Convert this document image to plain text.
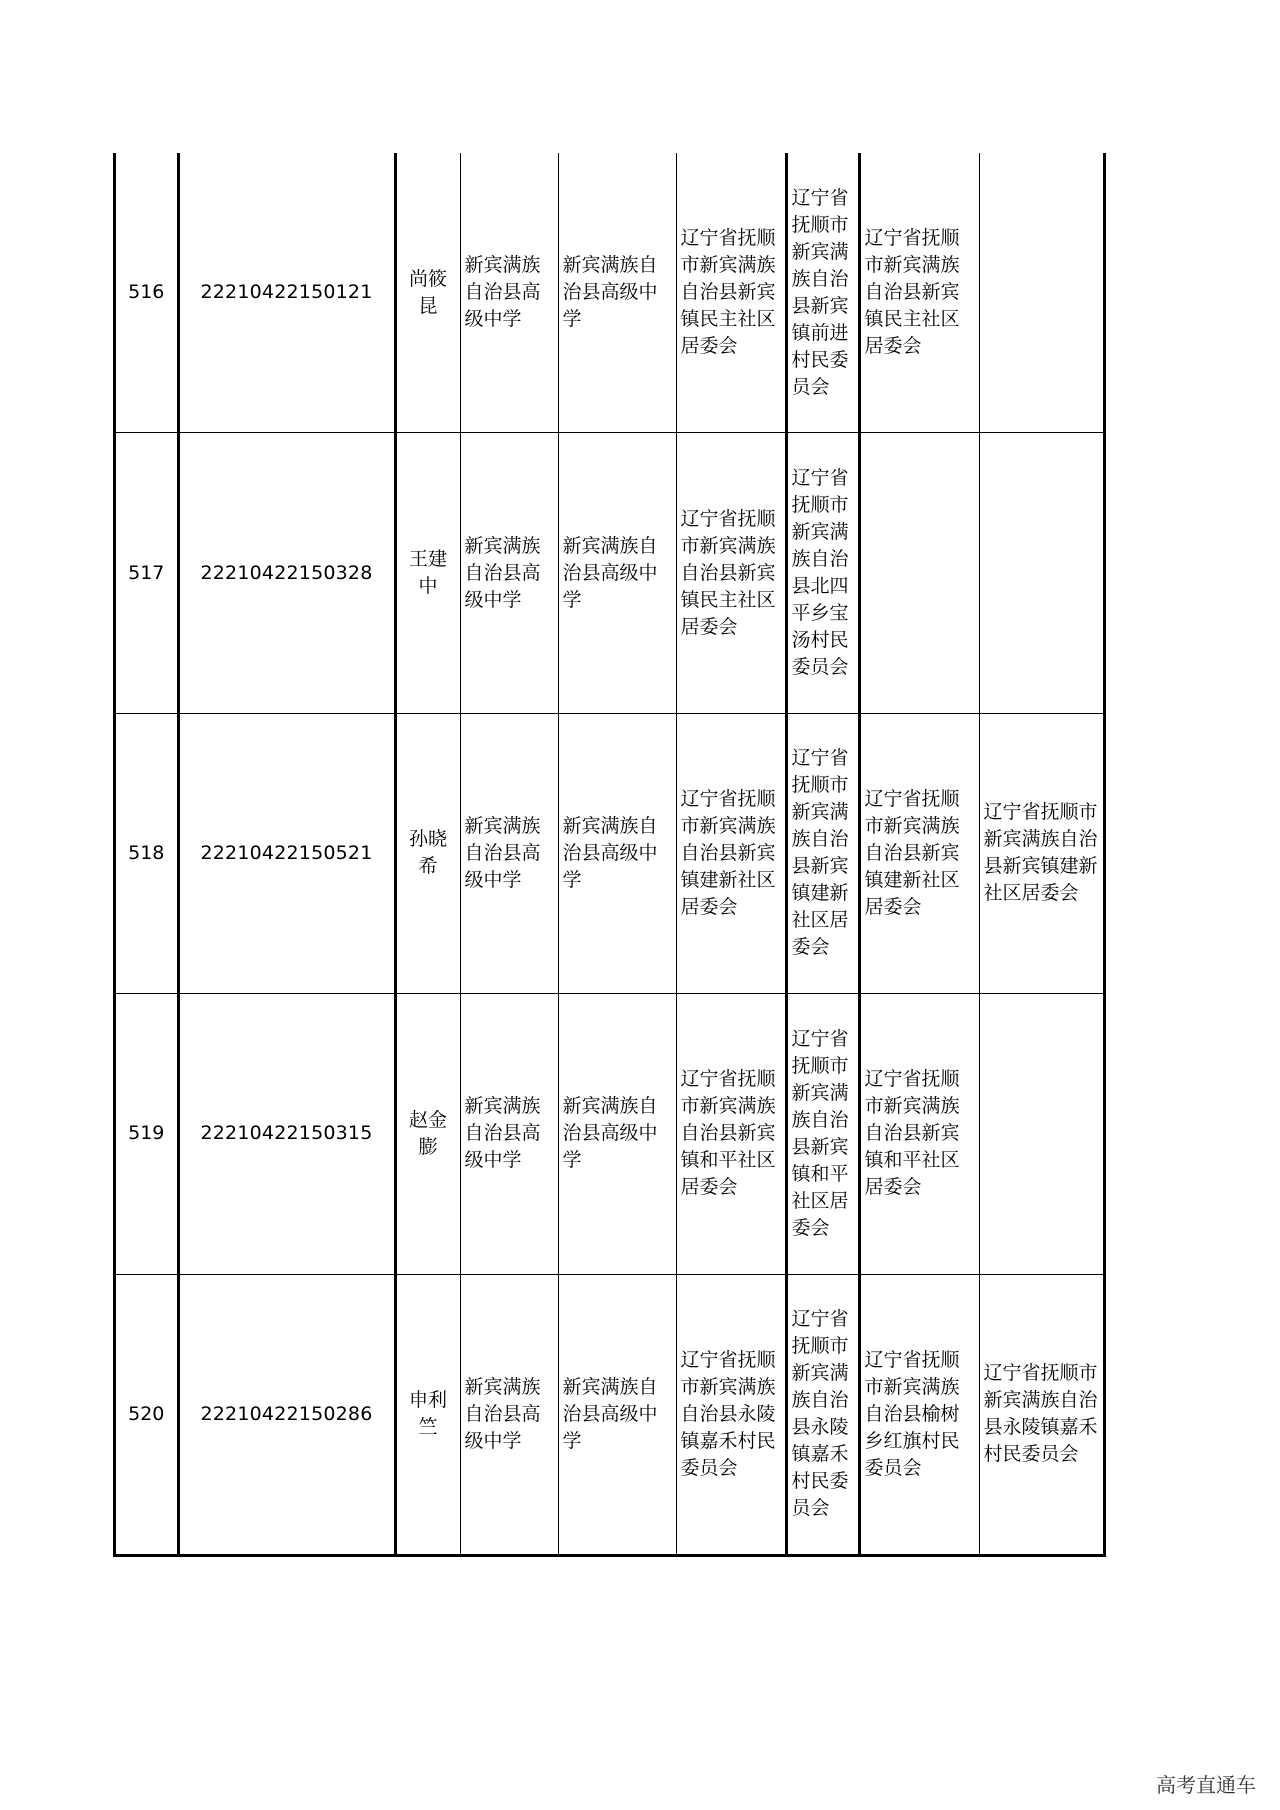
516	22210422150121	尚筱昆	新宾满族自治县高级中学	新宾满族自治县高级中学	辽宁省抚顺市新宾满族自治县新宾镇民主社区居委会	辽宁省抚顺市新宾满族自治县新宾镇前进村民委员会	辽宁省抚顺市新宾满族自治县新宾镇民主社区居委会	
517	22210422150328	王建中	新宾满族自治县高级中学	新宾满族自治县高级中学	辽宁省抚顺市新宾满族自治县新宾镇民主社区居委会	辽宁省抚顺市新宾满族自治县北四平乡宝汤村民委员会		
518	22210422150521	孙晓希	新宾满族自治县高级中学	新宾满族自治县高级中学	辽宁省抚顺市新宾满族自治县新宾镇建新社区居委会	辽宁省抚顺市新宾满族自治县新宾镇建新社区居委会	辽宁省抚顺市新宾满族自治县新宾镇建新社区居委会	辽宁省抚顺市新宾满族自治县新宾镇建新社区居委会
519	22210422150315	赵金膨	新宾满族自治县高级中学	新宾满族自治县高级中学	辽宁省抚顺市新宾满族自治县新宾镇和平社区居委会	辽宁省抚顺市新宾满族自治县新宾镇和平社区居委会	辽宁省抚顺市新宾满族自治县新宾镇和平社区居委会	
520	22210422150286	申利竺	新宾满族自治县高级中学	新宾满族自治县高级中学	辽宁省抚顺市新宾满族自治县永陵镇嘉禾村民委员会	辽宁省抚顺市新宾满族自治县永陵镇嘉禾村民委员会	辽宁省抚顺市新宾满族自治县榆树乡红旗村民委员会	辽宁省抚顺市新宾满族自治县永陵镇嘉禾村民委员会
高考直通车
